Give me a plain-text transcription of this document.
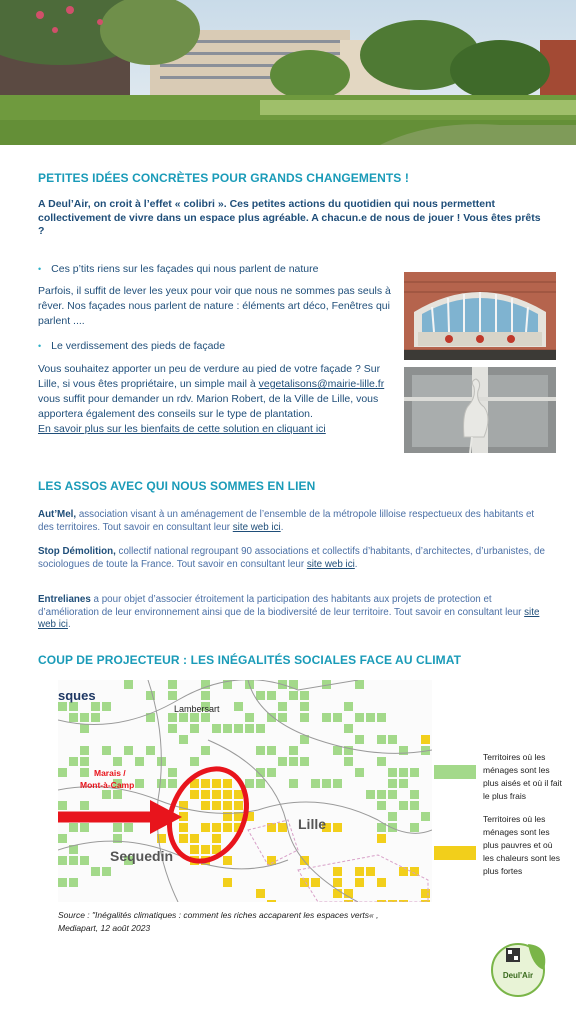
PETITES IDÉES CONCRÈTES POUR GRANDS CHANGEMENTS !
A Deul’Air, on croit à l’effet « colibri ». Ces petites actions du quotidien qui nous permettent collectivement de vivre dans un espace plus agréable. A chacun.e de nous de jouer ! Vous êtes prêts ?
• Ces p’tits riens sur les façades qui nous parlent de nature
Parfois, il suffit de lever les yeux pour voir que nous ne sommes pas seuls à rêver. Nos façades nous parlent de nature : éléments art déco, Fenêtres qui parlent ....
• Le verdissement des pieds de façade
Vous souhaitez apporter un peu de verdure au pied de votre façade ? Sur Lille, si vous êtes propriétaire, un simple mail à vegetalisons@mairie-lille.fr vous suffit pour demander un rdv. Marion Robert, de la Ville de Lille, vous apportera également des conseils sur le type de plantation.
En savoir plus sur les bienfaits de cette solution en cliquant ici
LES ASSOS AVEC QUI NOUS SOMMES EN LIEN
Aut’Mel, association visant à un aménagement de l’ensemble de la métropole lilloise respectueux des habitants et des territoires. Tout savoir en consultant leur site web ici.
Stop Démolition, collectif national regroupant 90 associations et collectifs d’habitants, d’architectes, d’urbanistes, de sociologues de toute la France. Tout savoir en consultant leur site web ici.
Entrelianes a pour objet d’associer étroitement la participation des habitants aux projets de protection et d’amélioration de leur environnement ainsi que de la biodiversité de leur territoire. Tout savoir en consultant leur site web ici.
COUP DE PROJECTEUR : LES INÉGALITÉS SOCIALES FACE AU CLIMAT
sques
Lambersart
Marais /
Mont-à-Camp
Lille
Sequedin
Territoires où les ménages sont les plus aisés et où il fait le plus frais
Territoires où les ménages sont les plus pauvres et où les chaleurs sont les plus fortes
Source : "Inégalités climatiques : comment les riches accaparent les espaces verts« , Mediapart, 12 août 2023
Deul'Air
